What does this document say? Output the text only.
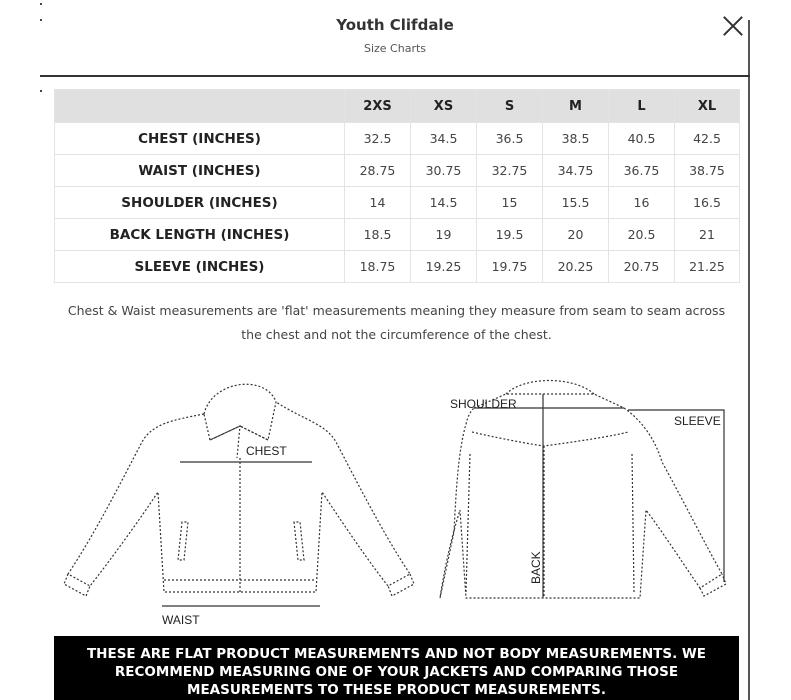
Youth Clifdale
Size Charts
	2XS	XS	S	M	L	XL
CHEST (INCHES)	32.5	34.5	36.5	38.5	40.5	42.5
WAIST (INCHES)	28.75	30.75	32.75	34.75	36.75	38.75
SHOULDER (INCHES)	14	14.5	15	15.5	16	16.5
BACK LENGTH (INCHES)	18.5	19	19.5	20	20.5	21
SLEEVE (INCHES)	18.75	19.25	19.75	20.25	20.75	21.25
Chest & Waist measurements are 'flat' measurements meaning they measure from seam to seam across
the chest and not the circumference of the chest.
CHEST
WAIST
SHOULDER
BACK
SLEEVE
THESE ARE FLAT PRODUCT MEASUREMENTS AND NOT BODY MEASUREMENTS. WE
RECOMMEND MEASURING ONE OF YOUR JACKETS AND COMPARING THOSE
MEASUREMENTS TO THESE PRODUCT MEASUREMENTS.
